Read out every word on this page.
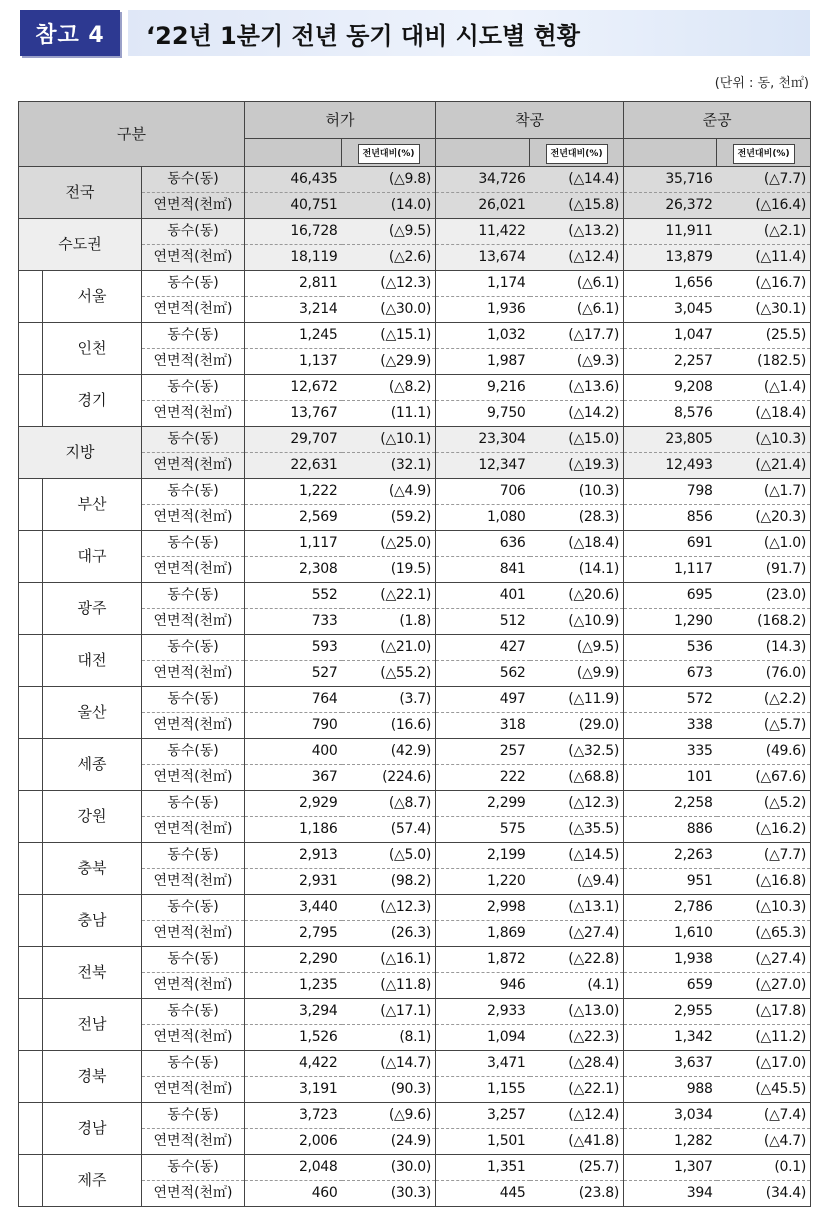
참고 4	‘22년 1분기 전년 동기 대비 시도별 현황
(단위 : 동, 천㎡)
구분			허가		착공		준공	
				전년대비(%)		전년대비(%)		전년대비(%)
전국		동수(동)	46,435	(△9.8)	34,726	(△14.4)	35,716	(△7.7)
		연면적(천㎡)	40,751	(14.0)	26,021	(△15.8)	26,372	(△16.4)
수도권		동수(동)	16,728	(△9.5)	11,422	(△13.2)	11,911	(△2.1)
		연면적(천㎡)	18,119	(△2.6)	13,674	(△12.4)	13,879	(△11.4)
	서울	동수(동)	2,811	(△12.3)	1,174	(△6.1)	1,656	(△16.7)
		연면적(천㎡)	3,214	(△30.0)	1,936	(△6.1)	3,045	(△30.1)
	인천	동수(동)	1,245	(△15.1)	1,032	(△17.7)	1,047	(25.5)
		연면적(천㎡)	1,137	(△29.9)	1,987	(△9.3)	2,257	(182.5)
	경기	동수(동)	12,672	(△8.2)	9,216	(△13.6)	9,208	(△1.4)
		연면적(천㎡)	13,767	(11.1)	9,750	(△14.2)	8,576	(△18.4)
지방		동수(동)	29,707	(△10.1)	23,304	(△15.0)	23,805	(△10.3)
		연면적(천㎡)	22,631	(32.1)	12,347	(△19.3)	12,493	(△21.4)
	부산	동수(동)	1,222	(△4.9)	706	(10.3)	798	(△1.7)
		연면적(천㎡)	2,569	(59.2)	1,080	(28.3)	856	(△20.3)
	대구	동수(동)	1,117	(△25.0)	636	(△18.4)	691	(△1.0)
		연면적(천㎡)	2,308	(19.5)	841	(14.1)	1,117	(91.7)
	광주	동수(동)	552	(△22.1)	401	(△20.6)	695	(23.0)
		연면적(천㎡)	733	(1.8)	512	(△10.9)	1,290	(168.2)
	대전	동수(동)	593	(△21.0)	427	(△9.5)	536	(14.3)
		연면적(천㎡)	527	(△55.2)	562	(△9.9)	673	(76.0)
	울산	동수(동)	764	(3.7)	497	(△11.9)	572	(△2.2)
		연면적(천㎡)	790	(16.6)	318	(29.0)	338	(△5.7)
	세종	동수(동)	400	(42.9)	257	(△32.5)	335	(49.6)
		연면적(천㎡)	367	(224.6)	222	(△68.8)	101	(△67.6)
	강원	동수(동)	2,929	(△8.7)	2,299	(△12.3)	2,258	(△5.2)
		연면적(천㎡)	1,186	(57.4)	575	(△35.5)	886	(△16.2)
	충북	동수(동)	2,913	(△5.0)	2,199	(△14.5)	2,263	(△7.7)
		연면적(천㎡)	2,931	(98.2)	1,220	(△9.4)	951	(△16.8)
	충남	동수(동)	3,440	(△12.3)	2,998	(△13.1)	2,786	(△10.3)
		연면적(천㎡)	2,795	(26.3)	1,869	(△27.4)	1,610	(△65.3)
	전북	동수(동)	2,290	(△16.1)	1,872	(△22.8)	1,938	(△27.4)
		연면적(천㎡)	1,235	(△11.8)	946	(4.1)	659	(△27.0)
	전남	동수(동)	3,294	(△17.1)	2,933	(△13.0)	2,955	(△17.8)
		연면적(천㎡)	1,526	(8.1)	1,094	(△22.3)	1,342	(△11.2)
	경북	동수(동)	4,422	(△14.7)	3,471	(△28.4)	3,637	(△17.0)
		연면적(천㎡)	3,191	(90.3)	1,155	(△22.1)	988	(△45.5)
	경남	동수(동)	3,723	(△9.6)	3,257	(△12.4)	3,034	(△7.4)
		연면적(천㎡)	2,006	(24.9)	1,501	(△41.8)	1,282	(△4.7)
	제주	동수(동)	2,048	(30.0)	1,351	(25.7)	1,307	(0.1)
		연면적(천㎡)	460	(30.3)	445	(23.8)	394	(34.4)
